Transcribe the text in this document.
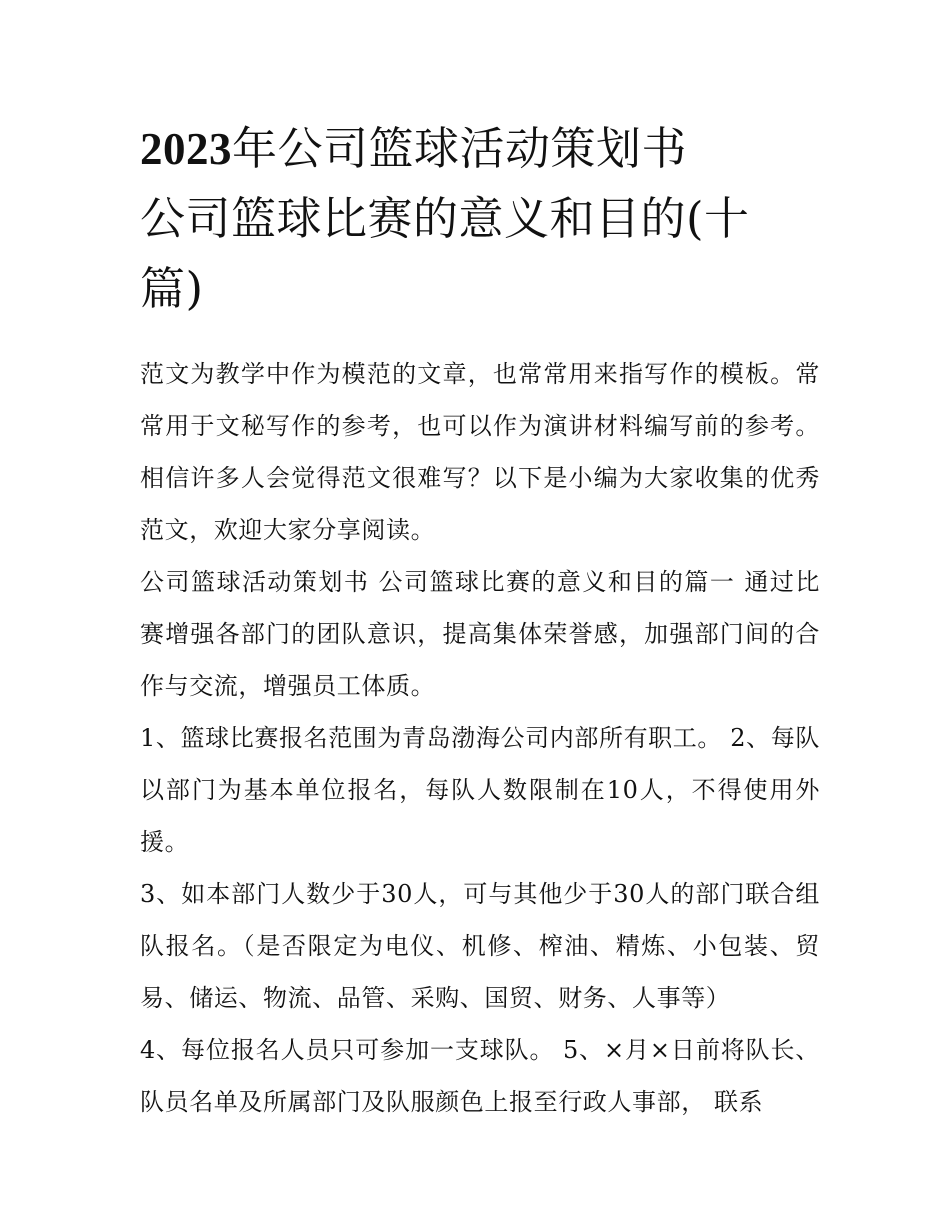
2023年公司篮球活动策划书
公司篮球比赛的意义和目的(十
篇)

范文为教学中作为模范的文章，也常常用来指写作的模板。常常用于文秘写作的参考，也可以作为演讲材料编写前的参考。相信许多人会觉得范文很难写？以下是小编为大家收集的优秀范文，欢迎大家分享阅读。

公司篮球活动策划书 公司篮球比赛的意义和目的篇一 通过比赛增强各部门的团队意识，提高集体荣誉感，加强部门间的合作与交流，增强员工体质。

1、篮球比赛报名范围为青岛渤海公司内部所有职工。 2、每队以部门为基本单位报名，每队人数限制在10人，不得使用外援。

3、如本部门人数少于30人，可与其他少于30人的部门联合组队报名。（是否限定为电仪、机修、榨油、精炼、小包装、贸易、储运、物流、品管、采购、国贸、财务、人事等）

4、每位报名人员只可参加一支球队。 5、×月×日前将队长、队员名单及所属部门及队服颜色上报至行政人事部， 联系
